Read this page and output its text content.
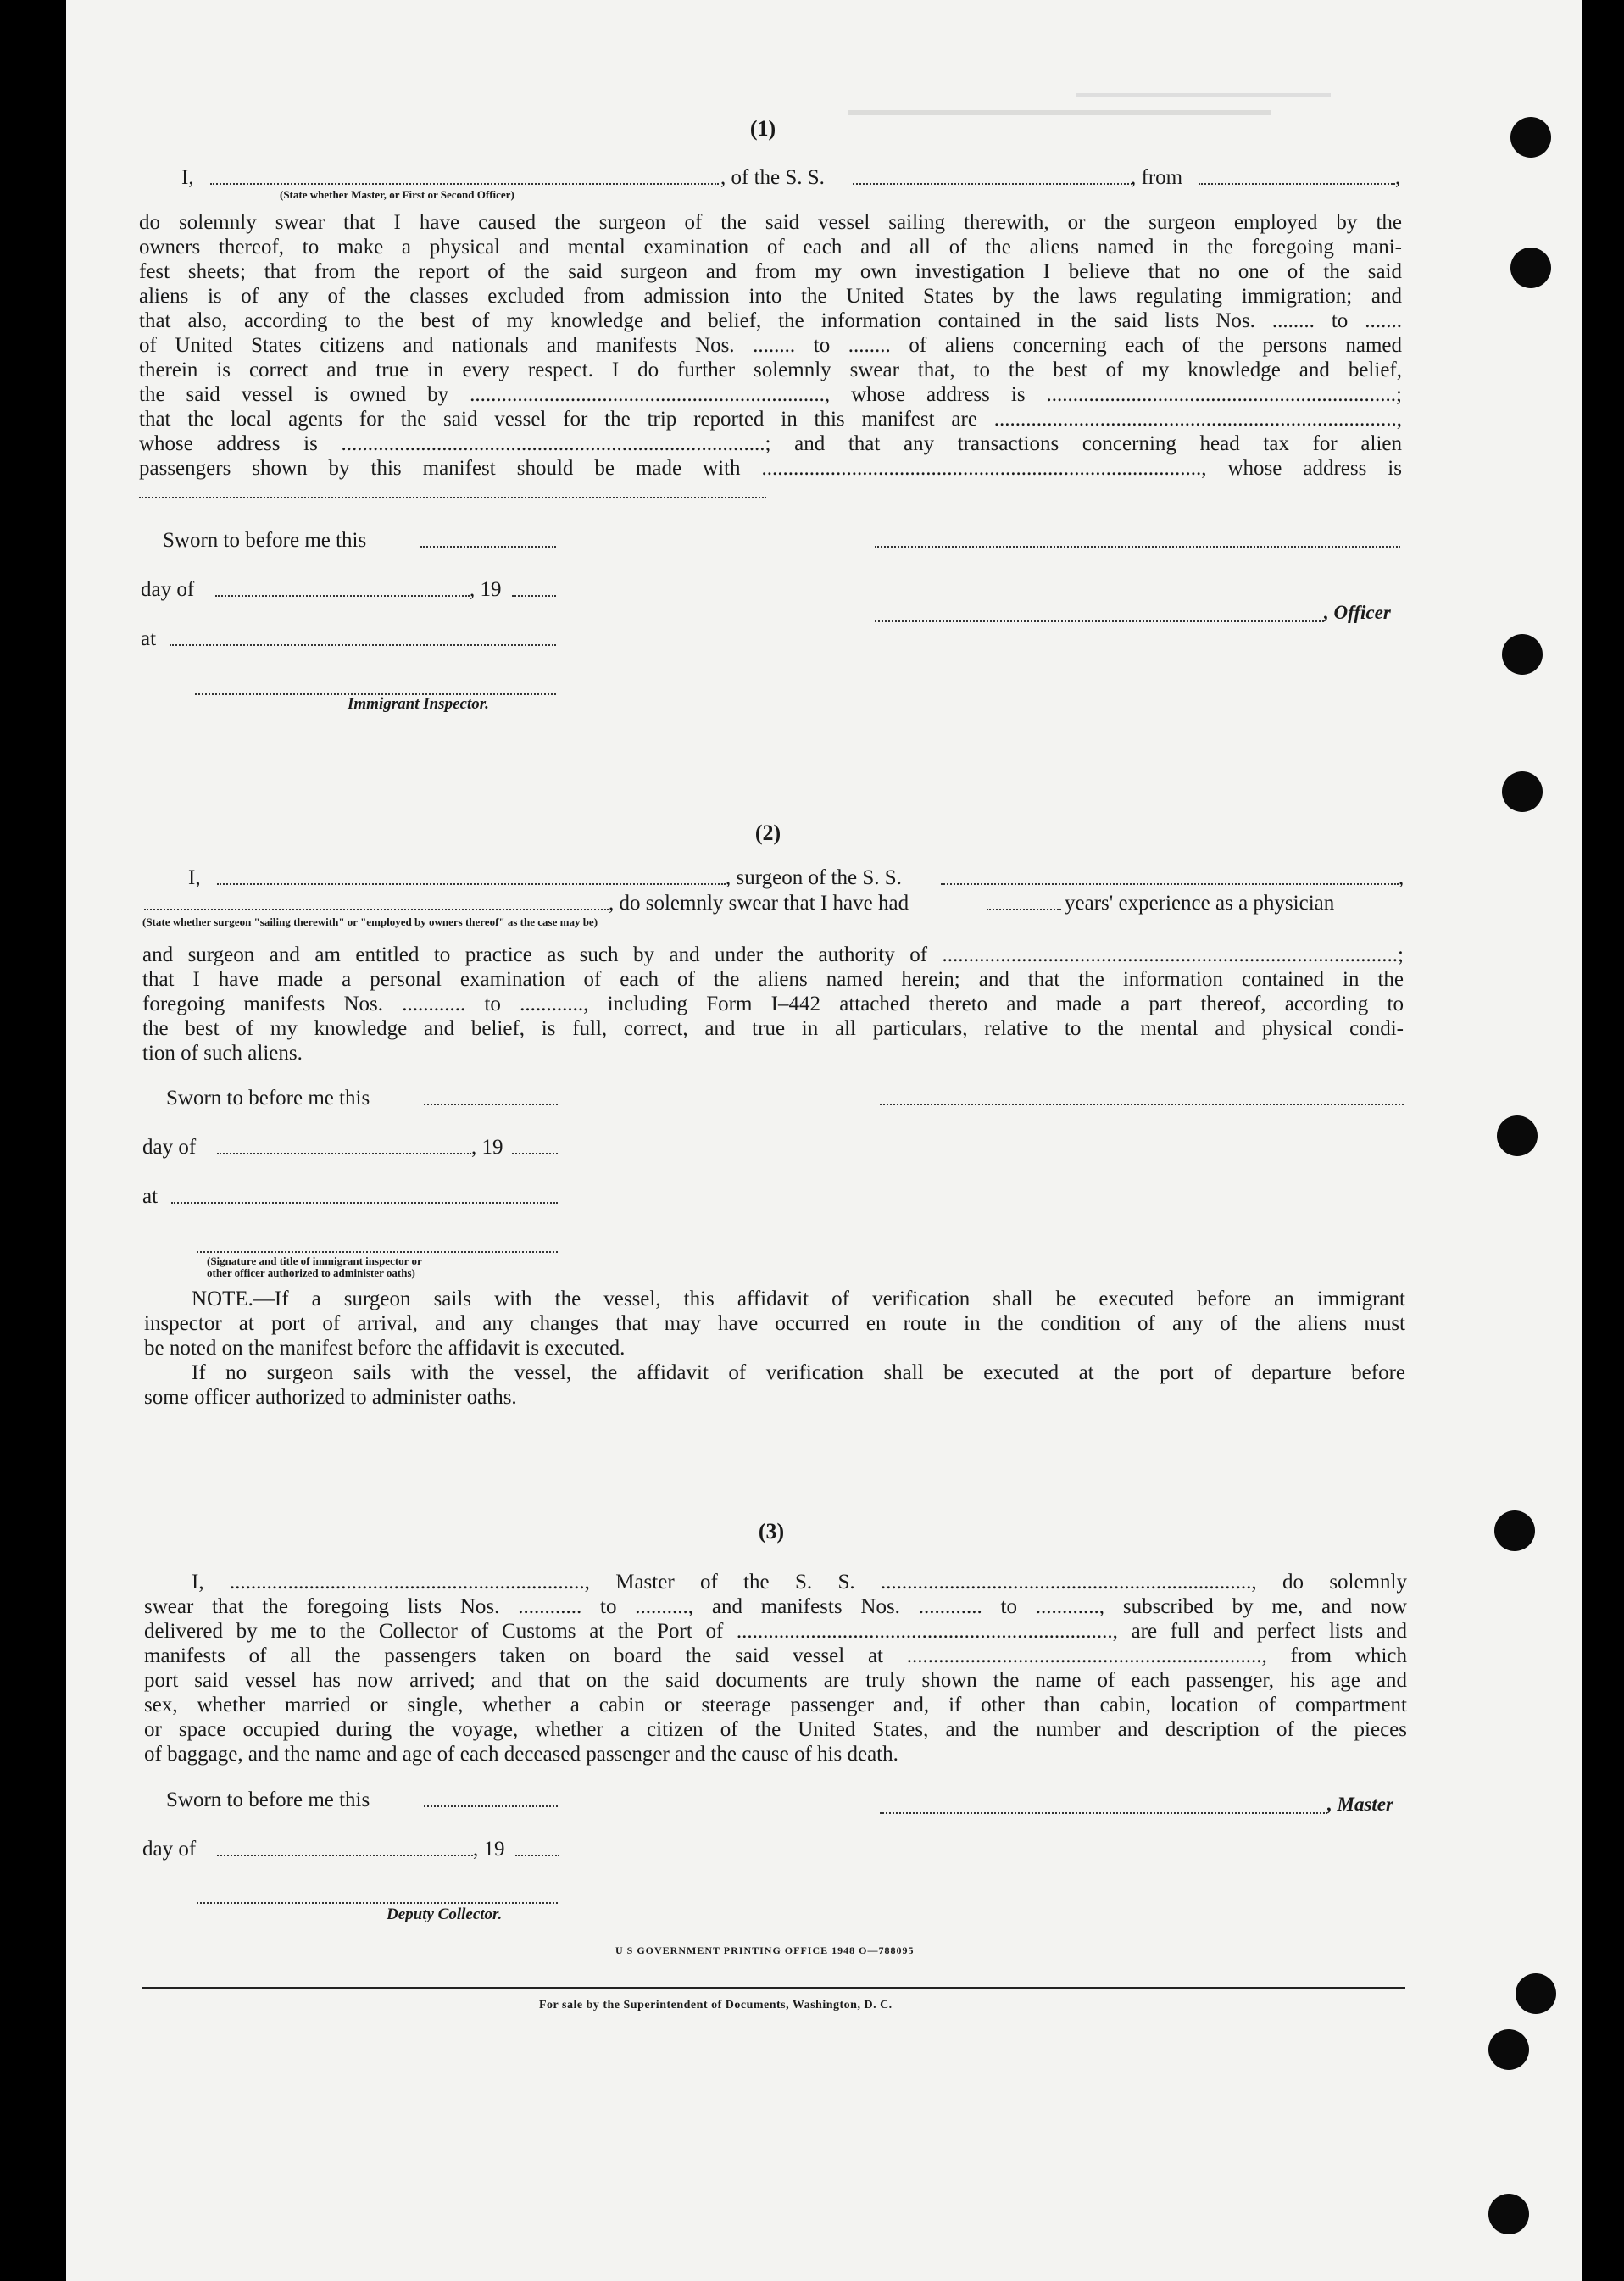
(1)
I,
(State whether Master, or First or Second Officer)
, of the S. S.	, from	,
do solemnly swear that I have caused the surgeon of the said vessel sailing therewith, or the surgeon employed by the
owners thereof, to make a physical and mental examination of each and all of the aliens named in the foregoing mani-
fest sheets; that from the report of the said surgeon and from my own investigation I believe that no one of the said
aliens is of any of the classes excluded from admission into the United States by the laws regulating immigration; and
that also, according to the best of my knowledge and belief, the information contained in the said lists Nos. ........ to .......
of United States citizens and nationals and manifests Nos. ........ to ........ of aliens concerning each of the persons named
therein is correct and true in every respect. I do further solemnly swear that, to the best of my knowledge and belief,
the said vessel is owned by ..................................................................., whose address is ..................................................................;
that the local agents for the said vessel for the trip reported in this manifest are ............................................................................,
whose address is ................................................................................; and that any transactions concerning head tax for alien
passengers shown by this manifest should be made with ..................................................................................., whose address is
Sworn to before me this
day of	, 19
, Officer
at
Immigrant Inspector.
(2)
I,	, surgeon of the S. S.	,
, do solemnly swear that I have had	years' experience as a physician
(State whether surgeon "sailing therewith" or "employed by owners thereof" as the case may be)
and surgeon and am entitled to practice as such by and under the authority of ......................................................................................;
that I have made a personal examination of each of the aliens named herein; and that the information contained in the
foregoing manifests Nos. ............ to ............, including Form I–442 attached thereto and made a part thereof, according to
the best of my knowledge and belief, is full, correct, and true in all particulars, relative to the mental and physical condi-
tion of such aliens.
Sworn to before me this
day of	, 19
at
(Signature and title of immigrant inspector or
other officer authorized to administer oaths)
NOTE.—If a surgeon sails with the vessel, this affidavit of verification shall be executed before an immigrant
inspector at port of arrival, and any changes that may have occurred en route in the condition of any of the aliens must
be noted on the manifest before the affidavit is executed.
If no surgeon sails with the vessel, the affidavit of verification shall be executed at the port of departure before
some officer authorized to administer oaths.
(3)
I, ..................................................................., Master of the S. S. ......................................................................, do solemnly
swear that the foregoing lists Nos. ............ to .........., and manifests Nos. ............ to ............, subscribed by me, and now
delivered by me to the Collector of Customs at the Port of ......................................................................., are full and perfect lists and
manifests of all the passengers taken on board the said vessel at ..................................................................., from which
port said vessel has now arrived; and that on the said documents are truly shown the name of each passenger, his age and
sex, whether married or single, whether a cabin or steerage passenger and, if other than cabin, location of compartment
or space occupied during the voyage, whether a citizen of the United States, and the number and description of the pieces
of baggage, and the name and age of each deceased passenger and the cause of his death.
Sworn to before me this	, Master
day of	, 19
Deputy Collector.
U S GOVERNMENT PRINTING OFFICE 1948 O—788095
For sale by the Superintendent of Documents, Washington, D. C.
